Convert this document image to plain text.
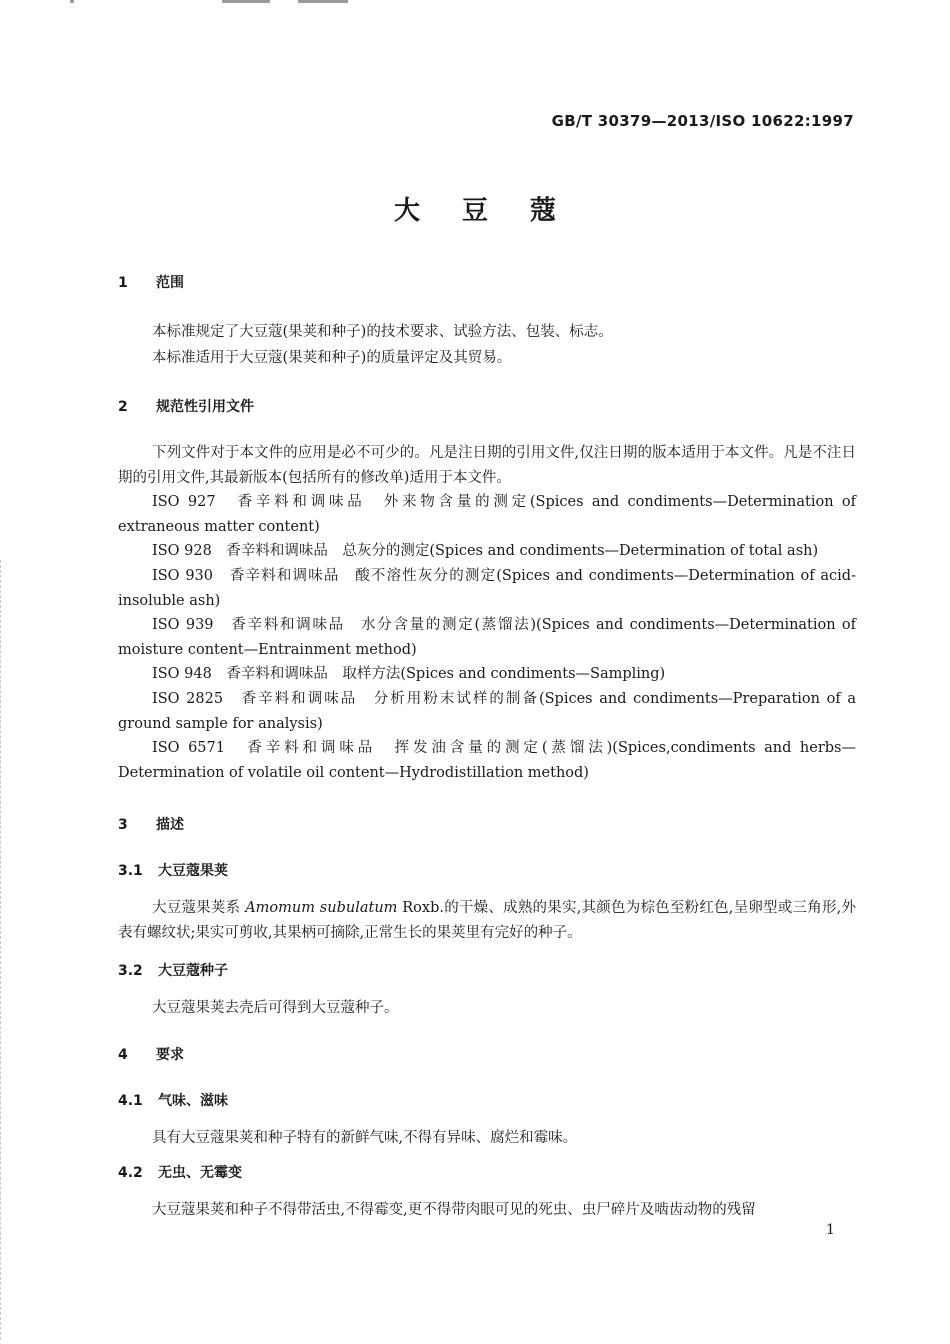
GB/T 30379—2013/ISO 10622:1997
大豆蔻
1 范围
本标准规定了大豆蔻(果荚和种子)的技术要求、试验方法、包装、标志。
本标准适用于大豆蔻(果荚和种子)的质量评定及其贸易。
2 规范性引用文件
下列文件对于本文件的应用是必不可少的。凡是注日期的引用文件,仅注日期的版本适用于本文件。凡是不注日期的引用文件,其最新版本(包括所有的修改单)适用于本文件。
ISO 927　香辛料和调味品　外来物含量的测定(Spices and condiments—Determination of extraneous matter content)
ISO 928　香辛料和调味品　总灰分的测定(Spices and condiments—Determination of total ash)
ISO 930　香辛料和调味品　酸不溶性灰分的测定(Spices and condiments—Determination of acid-insoluble ash)
ISO 939　香辛料和调味品　水分含量的测定(蒸馏法)(Spices and condiments—Determination of moisture content—Entrainment method)
ISO 948　香辛料和调味品　取样方法(Spices and condiments—Sampling)
ISO 2825　香辛料和调味品　分析用粉末试样的制备(Spices and condiments—Preparation of a ground sample for analysis)
ISO 6571　香辛料和调味品　挥发油含量的测定(蒸馏法)(Spices,condiments and herbs—Determination of volatile oil content—Hydrodistillation method)
3 描述
3.1 大豆蔻果荚
大豆蔻果荚系 Amomum subulatum Roxb.的干燥、成熟的果实,其颜色为棕色至粉红色,呈卵型或三角形,外表有螺纹状;果实可剪收,其果柄可摘除,正常生长的果荚里有完好的种子。
3.2 大豆蔻种子
大豆蔻果荚去壳后可得到大豆蔻种子。
4 要求
4.1 气味、滋味
具有大豆蔻果荚和种子特有的新鲜气味,不得有异味、腐烂和霉味。
4.2 无虫、无霉变
大豆蔻果荚和种子不得带活虫,不得霉变,更不得带肉眼可见的死虫、虫尸碎片及啮齿动物的残留
1
